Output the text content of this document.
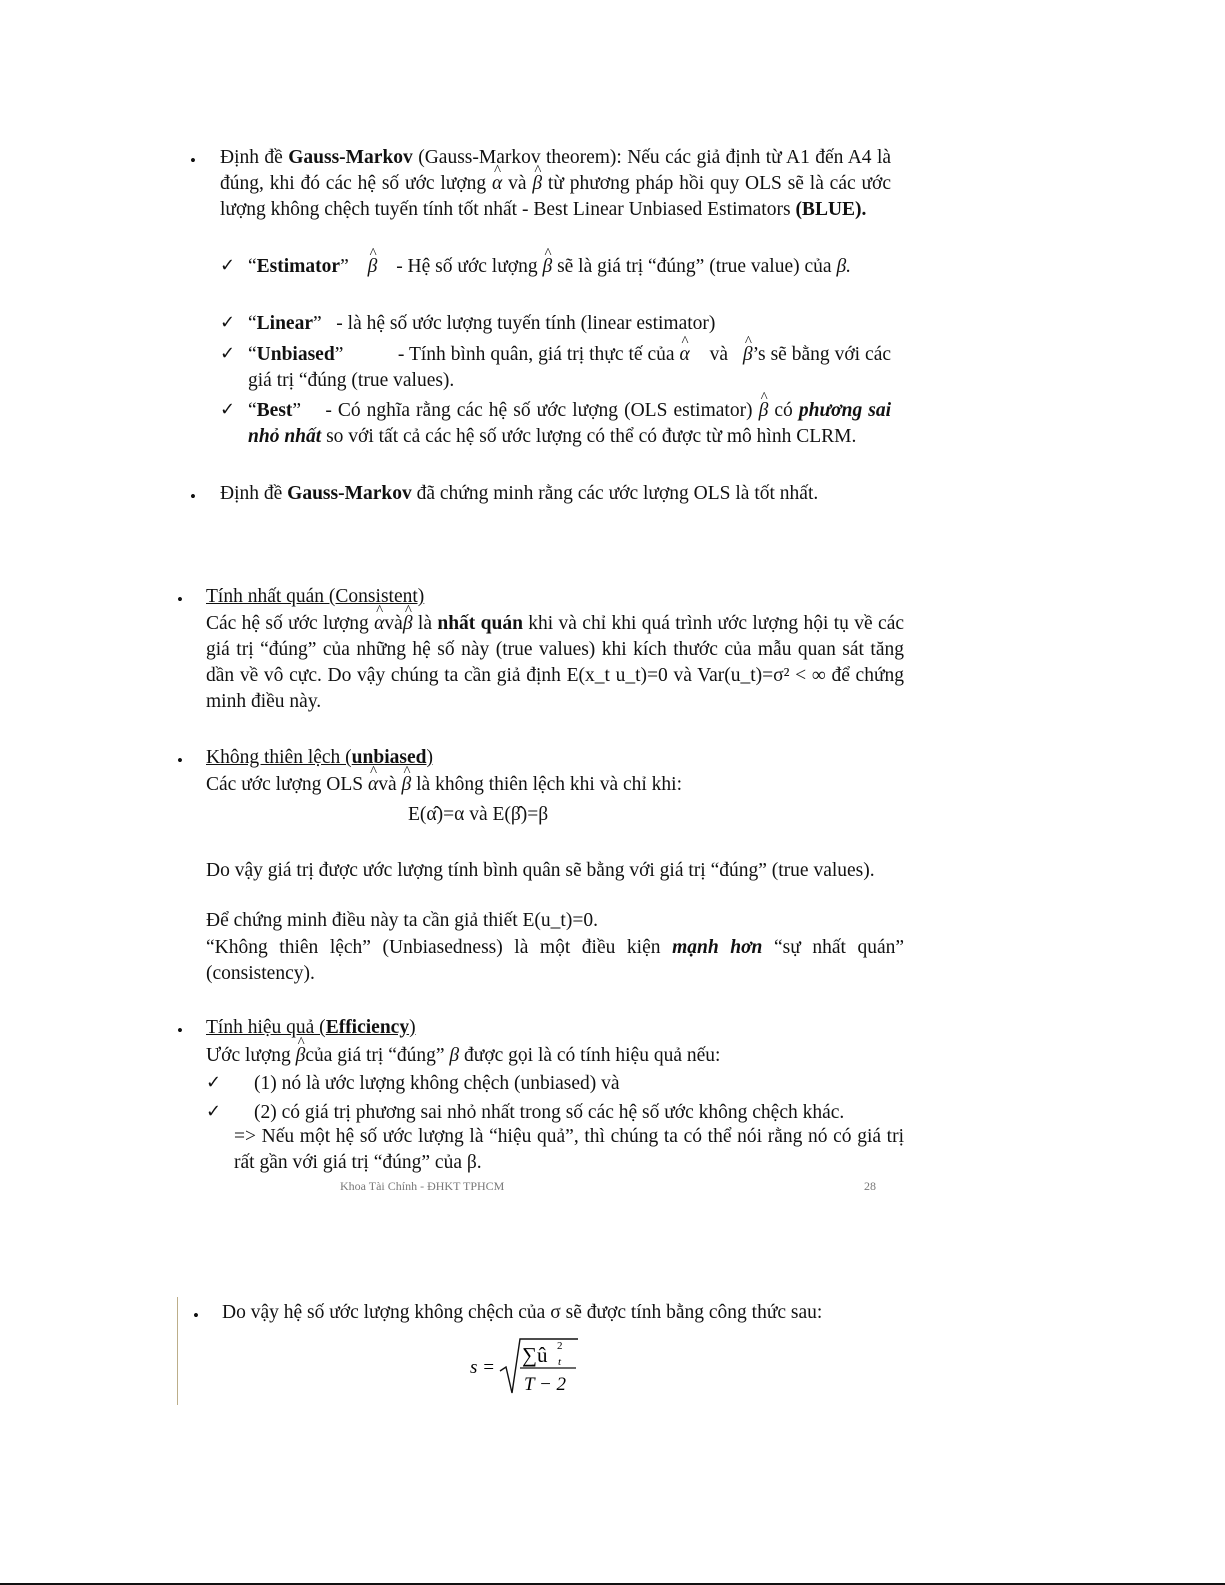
• Định đề Gauss-Markov (Gauss-Markov theorem): Nếu các giả định từ A1 đến A4 là đúng, khi đó các hệ số ước lượng ^ α và ^ β từ phương pháp hồi quy OLS sẽ là các ước lượng không chệch tuyến tính tốt nhất - Best Linear Unbiased Estimators (BLUE).
✓ “Estimator” ^ β - Hệ số ước lượng ^ β sẽ là giá trị “đúng” (true value) của β.
✓ “Linear”   - là hệ số ước lượng tuyến tính (linear estimator)
✓ “Unbiased”           - Tính bình quân, giá trị thực tế của ^ α    và   ^ β’s sẽ bằng với các giá trị “đúng (true values).
✓ “Best”    - Có nghĩa rằng các hệ số ước lượng (OLS estimator) ^ β có phương sai nhỏ nhất so với tất cả các hệ số ước lượng có thể có được từ mô hình CLRM.
• Định đề Gauss-Markov đã chứng minh rằng các ước lượng OLS là tốt nhất.
• Tính nhất quán (Consistent)
Các hệ số ước lượng ^ αvà^ β là nhất quán khi và chỉ khi quá trình ước lượng hội tụ về các giá trị “đúng” của những hệ số này (true values) khi kích thước của mẫu quan sát tăng dần về vô cực. Do vậy chúng ta cần giả định E(x_t u_t)=0 và Var(u_t)=σ² < ∞ để chứng minh điều này.
• Không thiên lệch (unbiased)
Các ước lượng OLS ^ αvà ^ β là không thiên lệch khi và chỉ khi:
E(α̂)=α và E(β̂)=β
Do vậy giá trị được ước lượng tính bình quân sẽ bằng với giá trị “đúng” (true values).
Để chứng minh điều này ta cần giả thiết E(u_t)=0.
“Không thiên lệch” (Unbiasedness) là một điều kiện mạnh hơn “sự nhất quán” (consistency).
• Tính hiệu quả (Efficiency)
Ước lượng ^ βcủa giá trị “đúng” β được gọi là có tính hiệu quả nếu:
✓ (1) nó là ước lượng không chệch (unbiased) và
✓ (2) có giá trị phương sai nhỏ nhất trong số các hệ số ước không chệch khác.
=> Nếu một hệ số ước lượng là “hiệu quả”, thì chúng ta có thể nói rằng nó có giá trị rất gần với giá trị “đúng” của β.
Khoa Tài Chính - ĐHKT TPHCM	28
• Do vậy hệ số ước lượng không chệch của σ sẽ được tính bằng công thức sau:
s =
∑û 2
t
T − 2
